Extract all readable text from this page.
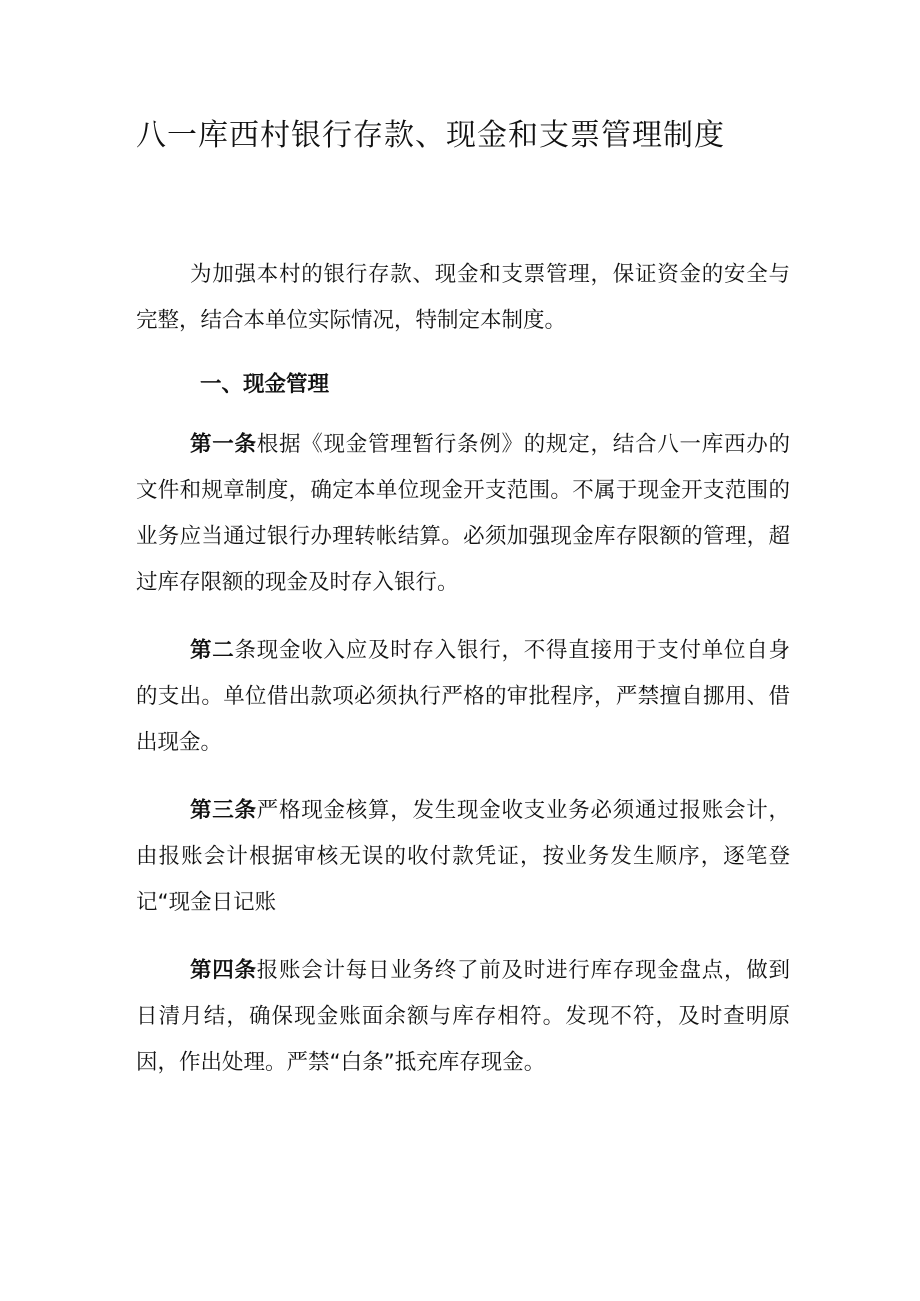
八一库西村银行存款、现金和支票管理制度

为加强本村的银行存款、现金和支票管理，保证资金的安全与完整，结合本单位实际情况，特制定本制度。

一、现金管理

第一条根据《现金管理暂行条例》的规定，结合八一库西办的文件和规章制度，确定本单位现金开支范围。不属于现金开支范围的业务应当通过银行办理转帐结算。必须加强现金库存限额的管理，超过库存限额的现金及时存入银行。

第二条现金收入应及时存入银行，不得直接用于支付单位自身的支出。单位借出款项必须执行严格的审批程序，严禁擅自挪用、借出现金。

第三条严格现金核算，发生现金收支业务必须通过报账会计，由报账会计根据审核无误的收付款凭证，按业务发生顺序，逐笔登记“现金日记账

第四条报账会计每日业务终了前及时进行库存现金盘点，做到日清月结，确保现金账面余额与库存相符。发现不符，及时查明原因，作出处理。严禁“白条”抵充库存现金。
